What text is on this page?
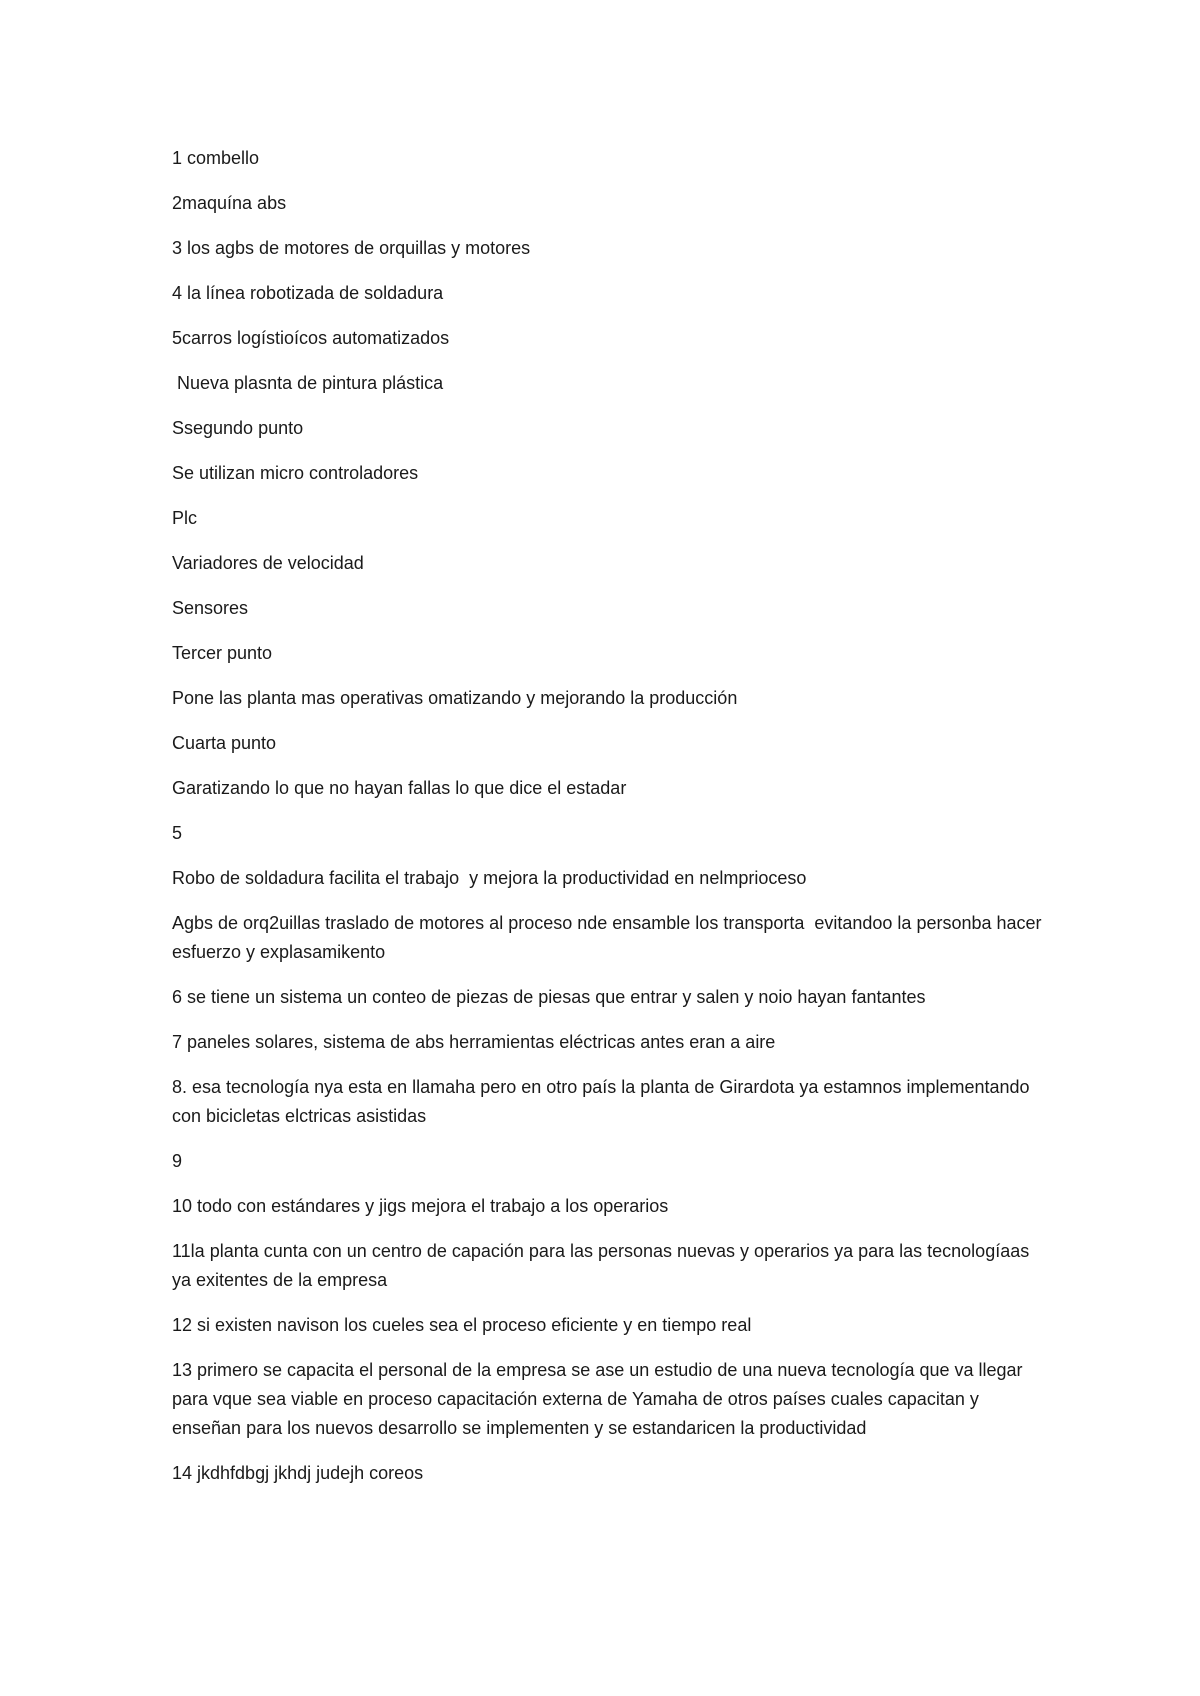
1 combello

2maquína abs

3 los agbs de motores de orquillas y motores

4 la línea robotizada de soldadura

5carros logístioícos automatizados

Nueva plasnta de pintura plástica

Ssegundo punto

Se utilizan micro controladores

Plc

Variadores de velocidad

Sensores

Tercer punto

Pone las planta mas operativas omatizando y mejorando la producción

Cuarta punto

Garatizando lo que no hayan fallas lo que dice el estadar

5

Robo de soldadura facilita el trabajo  y mejora la productividad en nelmprioceso

Agbs de orq2uillas traslado de motores al proceso nde ensamble los transporta  evitandoo la personba hacer esfuerzo y explasamikento

6 se tiene un sistema un conteo de piezas de piesas que entrar y salen y noio hayan fantantes

7 paneles solares, sistema de abs herramientas eléctricas antes eran a aire

8. esa tecnología nya esta en llamaha pero en otro país la planta de Girardota ya estamnos implementando con bicicletas elctricas asistidas

9

10 todo con estándares y jigs mejora el trabajo a los operarios

11la planta cunta con un centro de capación para las personas nuevas y operarios ya para las tecnologíaas ya exitentes de la empresa

12 si existen navison los cueles sea el proceso eficiente y en tiempo real

13 primero se capacita el personal de la empresa se ase un estudio de una nueva tecnología que va llegar para vque sea viable en proceso capacitación externa de Yamaha de otros países cuales capacitan y enseñan para los nuevos desarrollo se implementen y se estandaricen la productividad

14 jkdhfdbgj jkhdj judejh coreos
